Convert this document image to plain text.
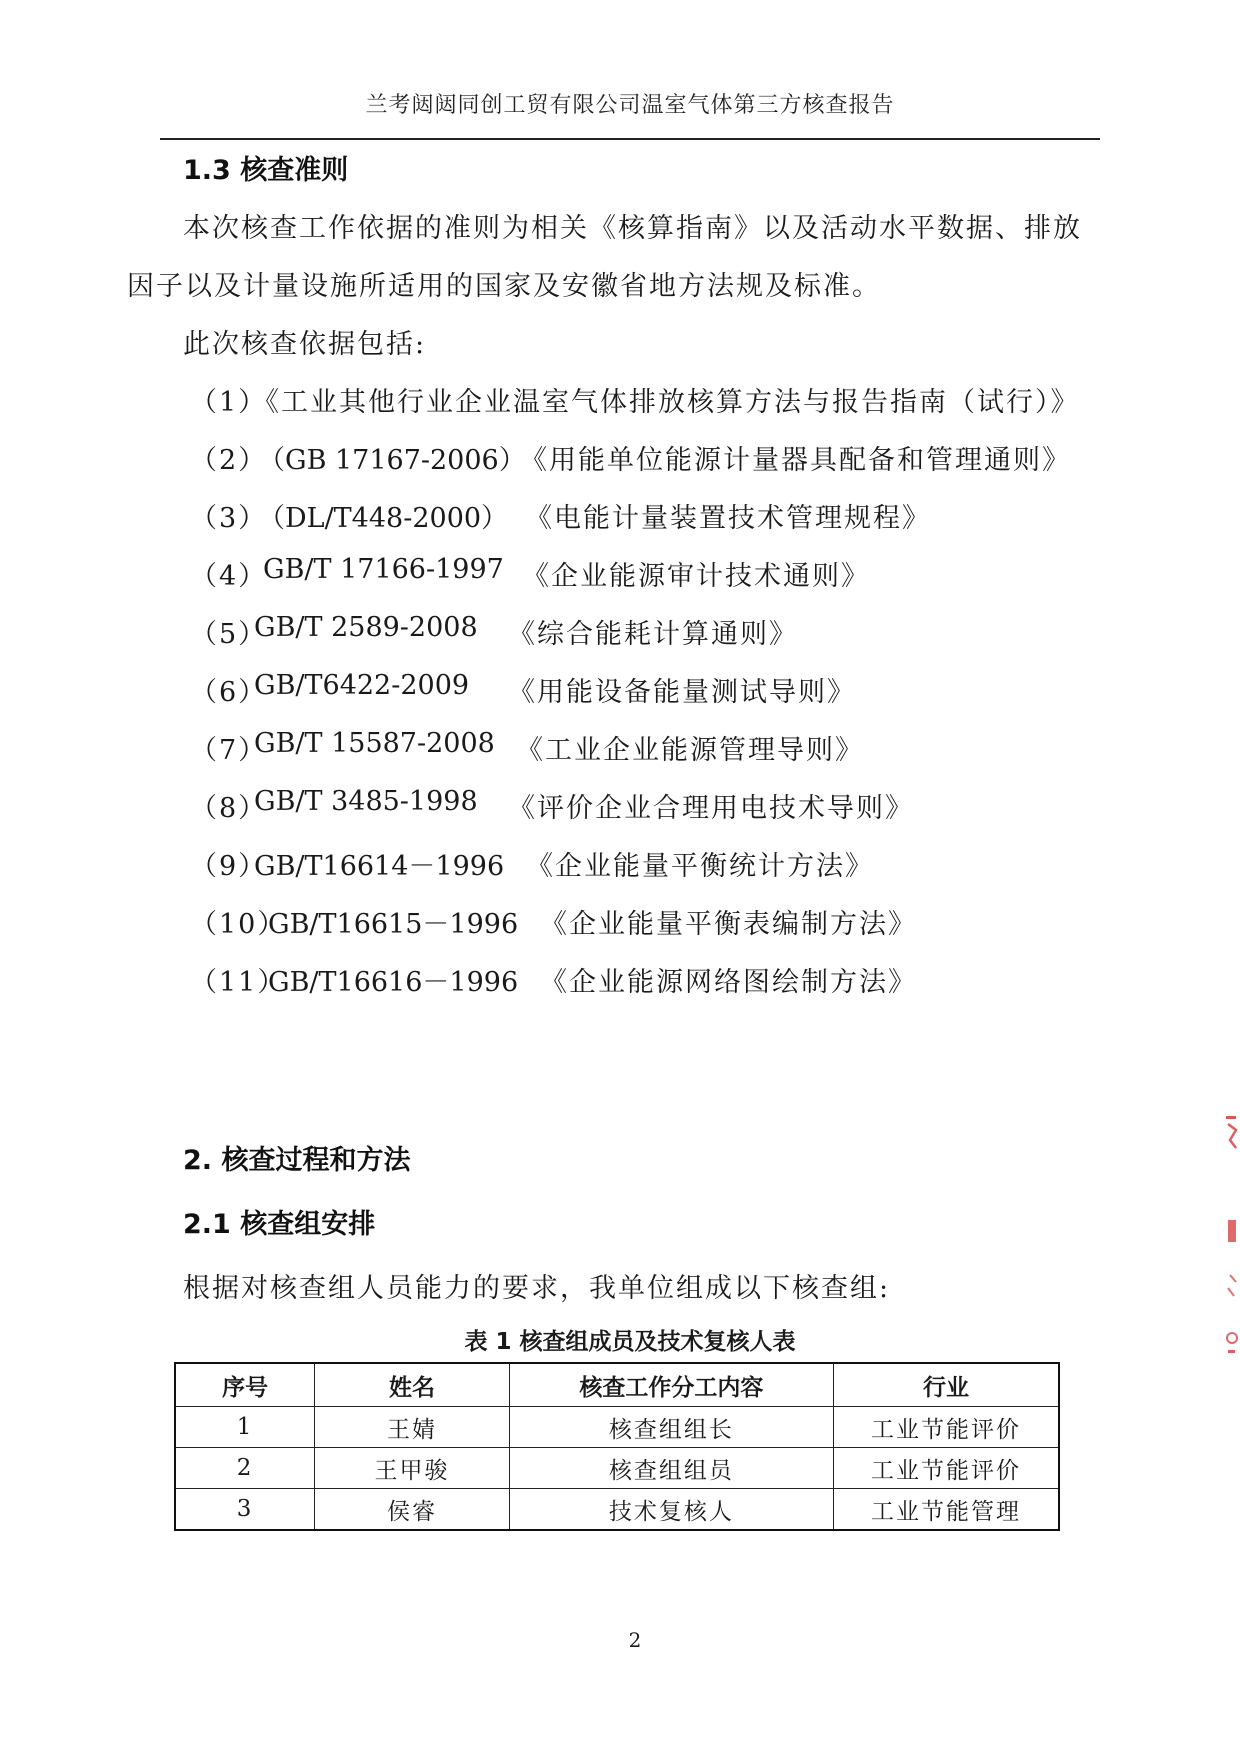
兰考闼闼同创工贸有限公司温室气体第三方核查报告
1.3 核查准则
本次核查工作依据的准则为相关《核算指南》以及活动水平数据、排放
因子以及计量设施所适用的国家及安徽省地方法规及标准。
此次核查依据包括:
（1）
《工业其他行业企业温室气体排放核算方法与报告指南（试行）》
（2）
（GB 17167-2006）
《用能单位能源计量器具配备和管理通则》
（3）
（DL/T448-2000） 《电能计量装置技术管理规程》
（4）
GB/T 17166-1997 《企业能源审计技术通则》
（5）
GB/T 2589-2008 《综合能耗计算通则》
（6）
GB/T6422-2009 《用能设备能量测试导则》
（7）
GB/T 15587-2008 《工业企业能源管理导则》
（8）
GB/T 3485-1998 《评价企业合理用电技术导则》
（9）
GB/T16614－1996 《企业能量平衡统计方法》
（10）
GB/T16615－1996 《企业能量平衡表编制方法》
（11）
GB/T16616－1996 《企业能源网络图绘制方法》
2. 核查过程和方法
2.1 核查组安排
根据对核查组人员能力的要求，我单位组成以下核查组:
表 1 核查组成员及技术复核人表
序号	姓名	核查工作分工内容	行业
1	王婧	核查组组长	工业节能评价
2	王甲骏	核查组组员	工业节能评价
3	侯睿	技术复核人	工业节能管理
2
